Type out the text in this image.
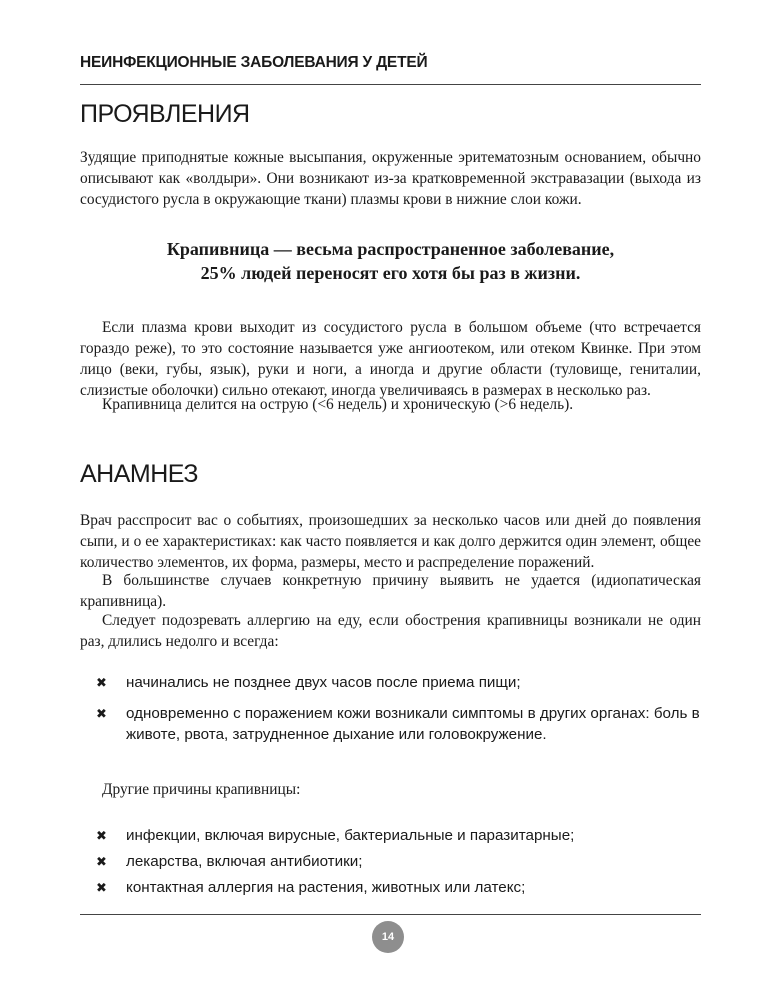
НЕИНФЕКЦИОННЫЕ ЗАБОЛЕВАНИЯ У ДЕТЕЙ
ПРОЯВЛЕНИЯ

Зудящие приподнятые кожные высыпания, окруженные эритематозным основанием, обычно описывают как «волдыри». Они возникают из-за кратковременной экстравазации (выхода из сосудистого русла в окружающие ткани) плазмы крови в нижние слои кожи.

Крапивница — весьма распространенное заболевание,
25% людей переносят его хотя бы раз в жизни.

Если плазма крови выходит из сосудистого русла в большом объеме (что встречается гораздо реже), то это состояние называется уже ангиоотеком, или отеком Квинке. При этом лицо (веки, губы, язык), руки и ноги, а иногда и другие области (туловище, гениталии, слизистые оболочки) сильно отекают, иногда увеличиваясь в размерах в несколько раз.

Крапивница делится на острую (<6 недель) и хроническую (>6 недель).

АНАМНЕЗ

Врач расспросит вас о событиях, произошедших за несколько часов или дней до появления сыпи, и о ее характеристиках: как часто появляется и как долго держится один элемент, общее количество элементов, их форма, размеры, место и распределение поражений.

В большинстве случаев конкретную причину выявить не удается (идиопатическая крапивница).

Следует подозревать аллергию на еду, если обострения крапивницы возникали не один раз, длились недолго и всегда:

✖ начинались не позднее двух часов после приема пищи;
✖ одновременно с поражением кожи возникали симптомы в других органах: боль в животе, рвота, затрудненное дыхание или головокружение.

Другие причины крапивницы:

✖ инфекции, включая вирусные, бактериальные и паразитарные;
✖ лекарства, включая антибиотики;
✖ контактная аллергия на растения, животных или латекс;
14
